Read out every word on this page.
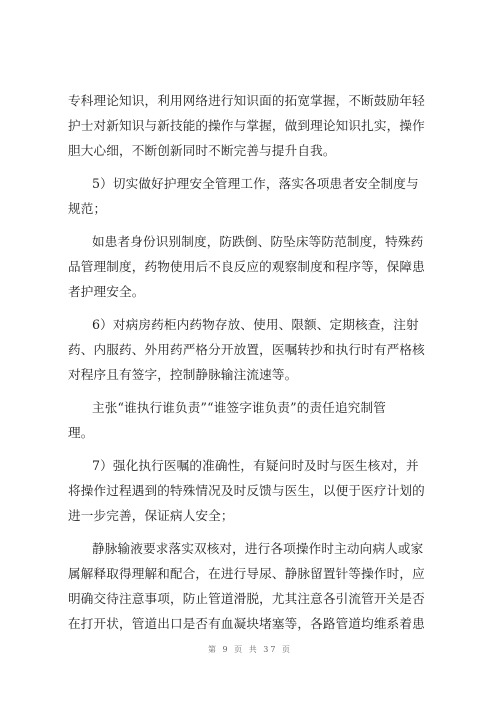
专科理论知识，利用网络进行知识面的拓宽掌握，不断鼓励年轻
护士对新知识与新技能的操作与掌握，做到理论知识扎实，操作
胆大心细，不断创新同时不断完善与提升自我。
5）切实做好护理安全管理工作，落实各项患者安全制度与
规范；
如患者身份识别制度，防跌倒、防坠床等防范制度，特殊药
品管理制度，药物使用后不良反应的观察制度和程序等，保障患
者护理安全。
6）对病房药柜内药物存放、使用、限额、定期核查，注射
药、内服药、外用药严格分开放置，医嘱转抄和执行时有严格核
对程序且有签字，控制静脉输注流速等。
主张“谁执行谁负责”“谁签字谁负责”的责任追究制管
理。
7）强化执行医嘱的准确性，有疑问时及时与医生核对，并
将操作过程遇到的特殊情况及时反馈与医生，以便于医疗计划的
进一步完善，保证病人安全；
静脉输液要求落实双核对，进行各项操作时主动向病人或家
属解释取得理解和配合，在进行导尿、静脉留置针等操作时，应
明确交待注意事项，防止管道滑脱，尤其注意各引流管开关是否
在打开状，管道出口是否有血凝块堵塞等，各路管道均维系着患
第 9 页 共 37 页
